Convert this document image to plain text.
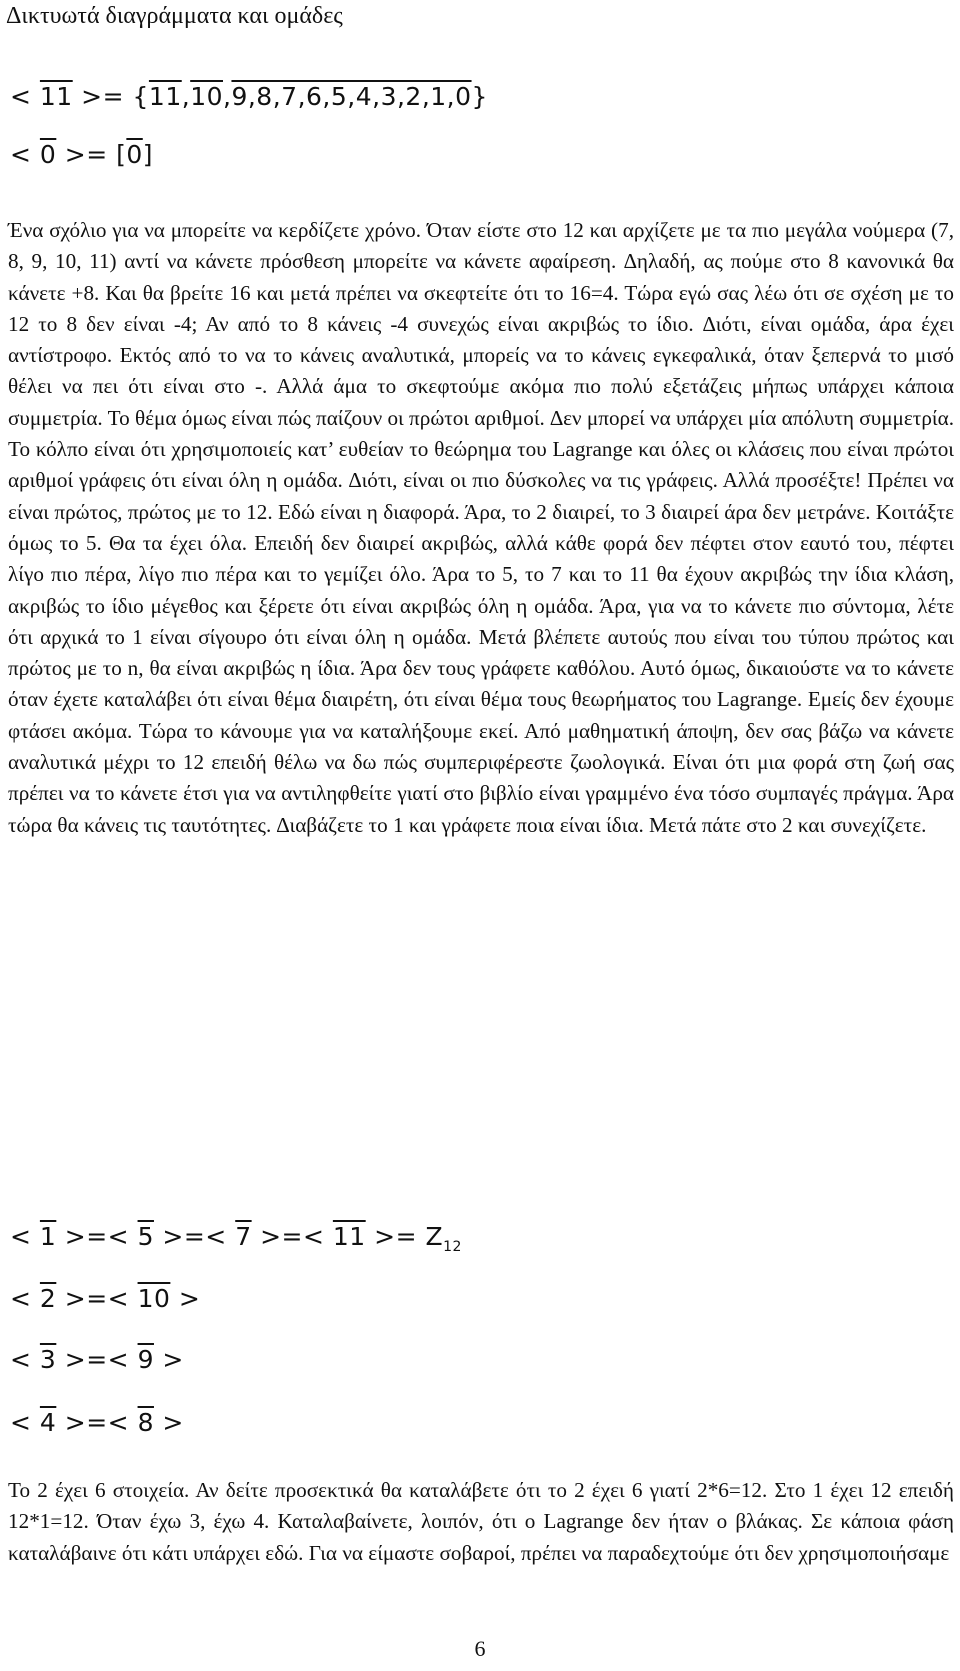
Δικτυωτά διαγράμματα και ομάδες
< 11 >= {11,10,9,8,7,6,5,4,3,2,1,0}
< 0 >= [0]
Ένα σχόλιο για να μπορείτε να κερδίζετε χρόνο. Όταν είστε στο 12 και αρχίζετε με τα πιο μεγάλα νούμερα (7, 8, 9, 10, 11) αντί να κάνετε πρόσθεση μπορείτε να κάνετε αφαίρεση. ∆ηλαδή, ας πούμε στο 8 κανονικά θα κάνετε +8. Και θα βρείτε 16 και μετά πρέπει να σκεφτείτε ότι το 16=4. Τώρα εγώ σας λέω ότι σε σχέση με το 12 το 8 δεν είναι -4; Αν από το 8 κάνεις -4 συνεχώς είναι ακριβώς το ίδιο. ∆ιότι, είναι ομάδα, άρα έχει αντίστροφο. Εκτός από το να το κάνεις αναλυτικά, μπορείς να το κάνεις εγκεφαλικά, όταν ξεπερνά το μισό θέλει να πει ότι είναι στο -. Αλλά άμα το σκεφτούμε ακόμα πιο πολύ εξετάζεις μήπως υπάρχει κάποια συμμετρία. Το θέμα όμως είναι πώς παίζουν οι πρώτοι αριθμοί. ∆εν μπορεί να υπάρχει μία απόλυτη συμμετρία. Το κόλπο είναι ότι χρησιμοποιείς κατ’ ευθείαν το θεώρημα του Lagrange και όλες οι κλάσεις που είναι πρώτοι αριθμοί γράφεις ότι είναι όλη η ομάδα. ∆ιότι, είναι οι πιο δύσκολες να τις γράφεις. Αλλά προσέξτε! Πρέπει να είναι πρώτος, πρώτος με το 12. Εδώ είναι η διαφορά. Άρα, το 2 διαιρεί, το 3 διαιρεί άρα δεν μετράνε. Κοιτάξτε όμως το 5. Θα τα έχει όλα. Επειδή δεν διαιρεί ακριβώς, αλλά κάθε φορά δεν πέφτει στον εαυτό του, πέφτει λίγο πιο πέρα, λίγο πιο πέρα και το γεμίζει όλο. Άρα το 5, το 7 και το 11 θα έχουν ακριβώς την ίδια κλάση, ακριβώς το ίδιο μέγεθος και ξέρετε ότι είναι ακριβώς όλη η ομάδα. Άρα, για να το κάνετε πιο σύντομα, λέτε ότι αρχικά το 1 είναι σίγουρο ότι είναι όλη η ομάδα. Μετά βλέπετε αυτούς που είναι του τύπου πρώτος και πρώτος με το n, θα είναι ακριβώς η ίδια. Άρα δεν τους γράφετε καθόλου. Αυτό όμως, δικαιούστε να το κάνετε όταν έχετε καταλάβει ότι είναι θέμα διαιρέτη, ότι είναι θέμα τους θεωρήματος του Lagrange. Εμείς δεν έχουμε φτάσει ακόμα. Τώρα το κάνουμε για να καταλήξουμε εκεί. Από μαθηματική άποψη, δεν σας βάζω να κάνετε αναλυτικά μέχρι το 12 επειδή θέλω να δω πώς συμπεριφέρεστε ζωολογικά. Είναι ότι μια φορά στη ζωή σας πρέπει να το κάνετε έτσι για να αντιληφθείτε γιατί στο βιβλίο είναι γραμμένο ένα τόσο συμπαγές πράγμα. Άρα τώρα θα κάνεις τις ταυτότητες. ∆ιαβάζετε το 1 και γράφετε ποια είναι ίδια. Μετά πάτε στο 2 και συνεχίζετε.
< 1 >=< 5 >=< 7 >=< $11 >= Z_{12}$
< 2 >=< 10 >
< 3 >=< 9 >
< 4 >=< 8 >
Το 2 έχει 6 στοιχεία. Αν δείτε προσεκτικά θα καταλάβετε ότι το 2 έχει 6 γιατί 2*6=12. Στο 1 έχει 12 επειδή 12*1=12. Όταν έχω 3, έχω 4. Καταλαβαίνετε, λοιπόν, ότι ο Lagrange δεν ήταν ο βλάκας. Σε κάποια φάση καταλάβαινε ότι κάτι υπάρχει εδώ. Για να είμαστε σοβαροί, πρέπει να παραδεχτούμε ότι δεν χρησιμοποιήσαμε
6
